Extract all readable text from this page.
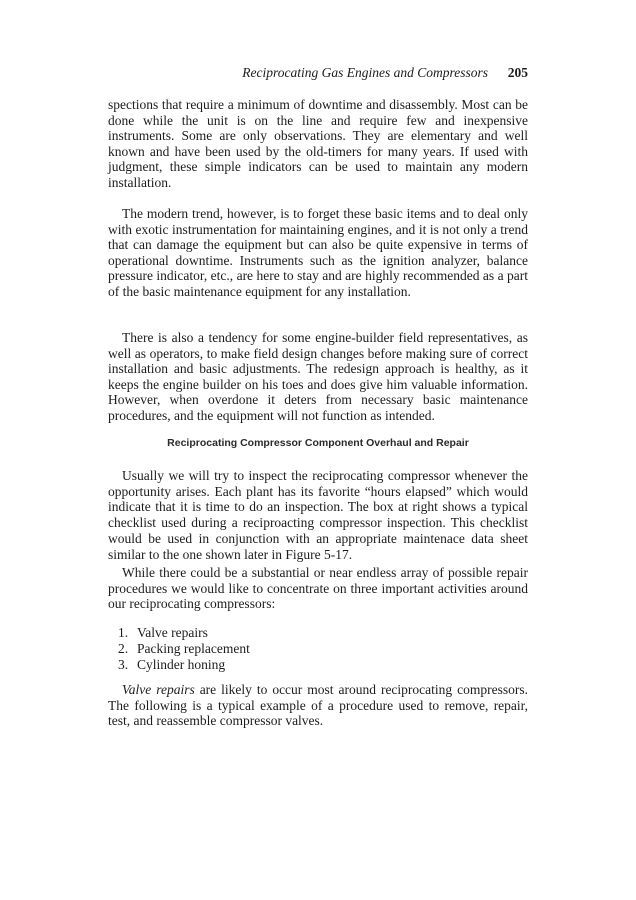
Reciprocating Gas Engines and Compressors 205

spections that require a minimum of downtime and disassembly. Most can be done while the unit is on the line and require few and inexpensive instruments. Some are only observations. They are elementary and well known and have been used by the old-timers for many years. If used with judgment, these simple indicators can be used to maintain any modern installation.

The modern trend, however, is to forget these basic items and to deal only with exotic instrumentation for maintaining engines, and it is not only a trend that can damage the equipment but can also be quite expensive in terms of operational downtime. Instruments such as the ignition analyzer, balance pressure indicator, etc., are here to stay and are highly recommended as a part of the basic maintenance equipment for any installation.

There is also a tendency for some engine-builder field representatives, as well as operators, to make field design changes before making sure of correct installation and basic adjustments. The redesign approach is healthy, as it keeps the engine builder on his toes and does give him valuable information. However, when overdone it deters from necessary basic maintenance procedures, and the equipment will not function as intended.

Reciprocating Compressor Component Overhaul and Repair

Usually we will try to inspect the reciprocating compressor whenever the opportunity arises. Each plant has its favorite “hours elapsed” which would indicate that it is time to do an inspection. The box at right shows a typical checklist used during a reciproacting compressor inspection. This checklist would be used in conjunction with an appropriate maintenace data sheet similar to the one shown later in Figure 5-17.

While there could be a substantial or near endless array of possible repair procedures we would like to concentrate on three important activities around our reciprocating compressors:

1. Valve repairs
2. Packing replacement
3. Cylinder honing

Valve repairs are likely to occur most around reciprocating compressors. The following is a typical example of a procedure used to remove, repair, test, and reassemble compressor valves.
